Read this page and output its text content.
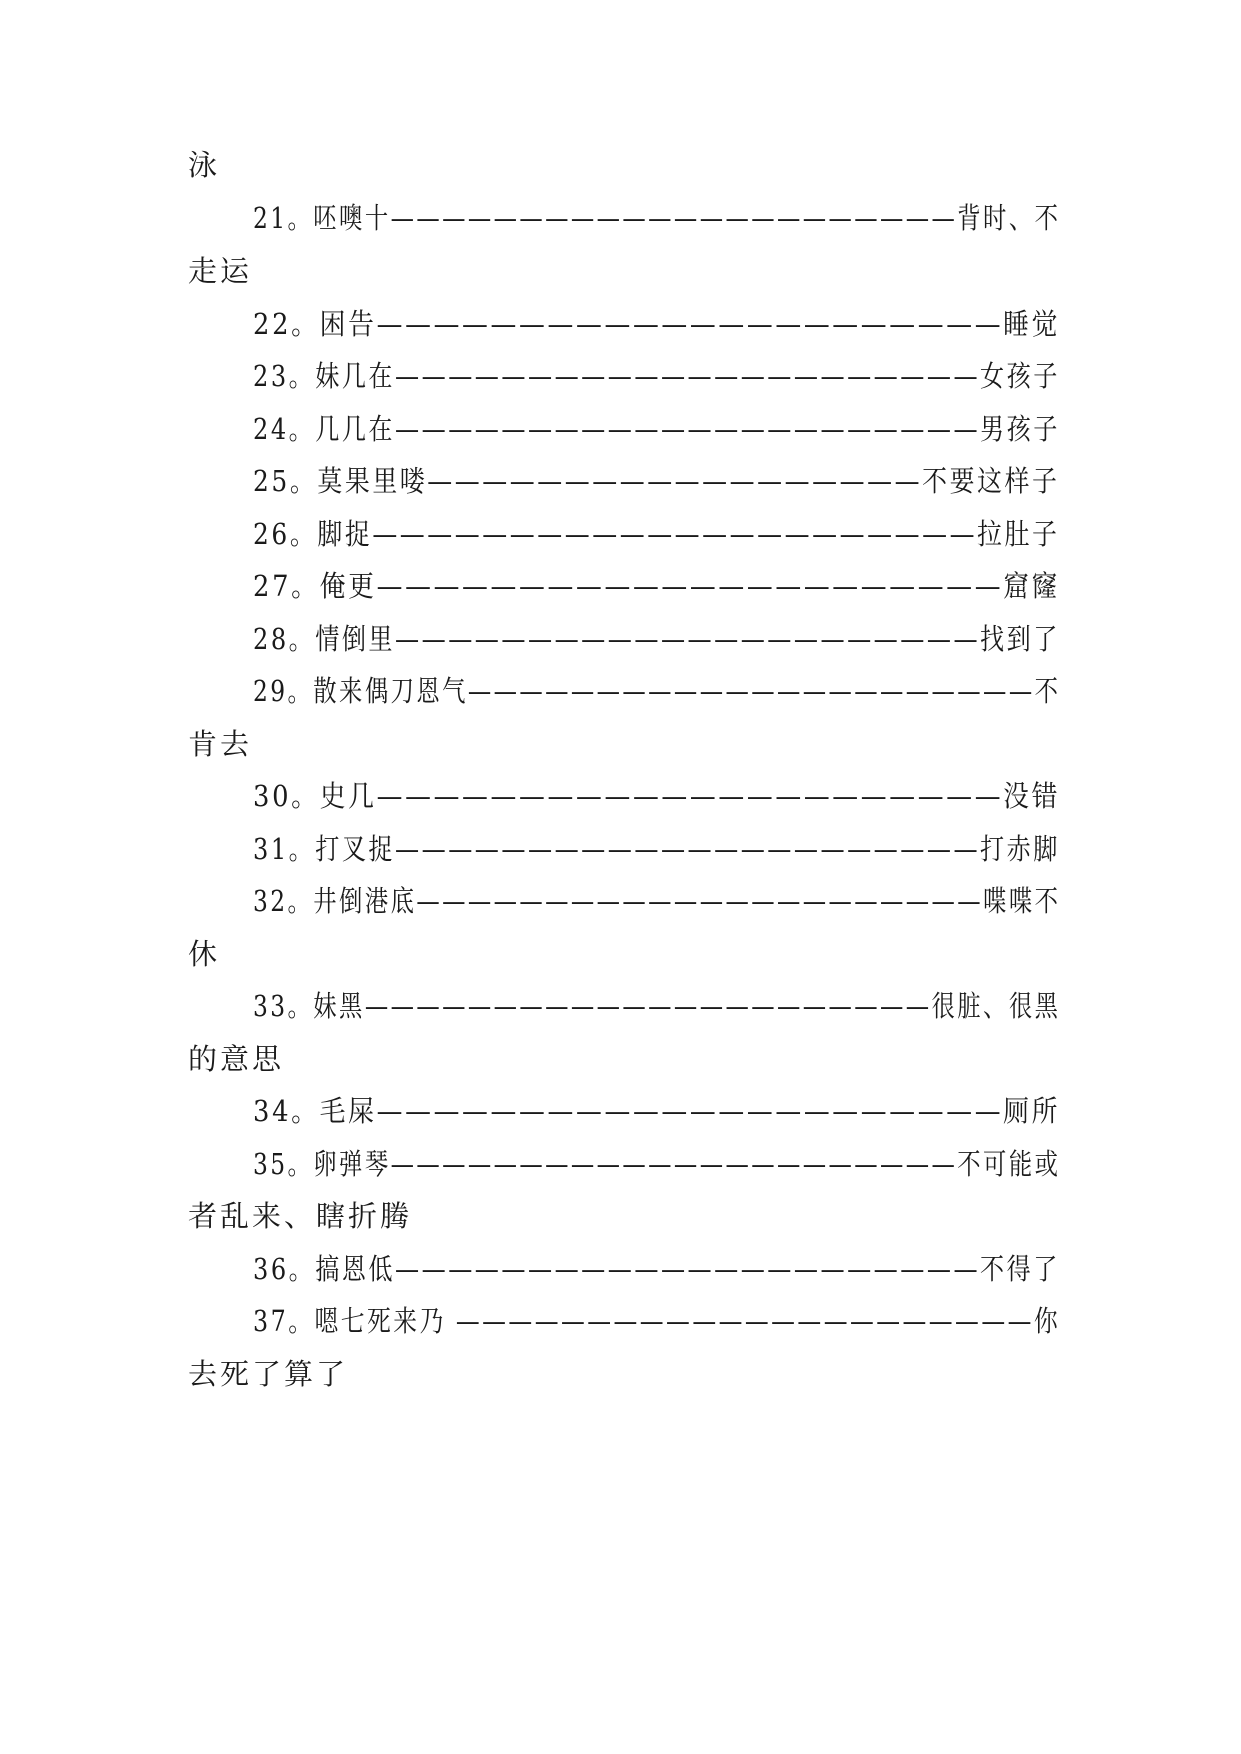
泳
21。呸噢十——————————————————————背时、不
走运
22。困告——————————————————————睡觉
23。妹几在——————————————————————女孩子
24。几几在——————————————————————男孩子
25。莫果里喽——————————————————不要这样子
26。脚捉——————————————————————拉肚子
27。俺更——————————————————————窟窿
28。情倒里——————————————————————找到了
29。散来偶刀恩气——————————————————————不
肯去
30。史几——————————————————————没错
31。打叉捉——————————————————————打赤脚
32。井倒港底——————————————————————喋喋不
休
33。妹黑——————————————————————很脏、很黑
的意思
34。毛屎——————————————————————厕所
35。卵弹琴——————————————————————不可能或
者乱来、瞎折腾
36。搞恩低——————————————————————不得了
37。嗯七死来乃 ——————————————————————你
去死了算了
